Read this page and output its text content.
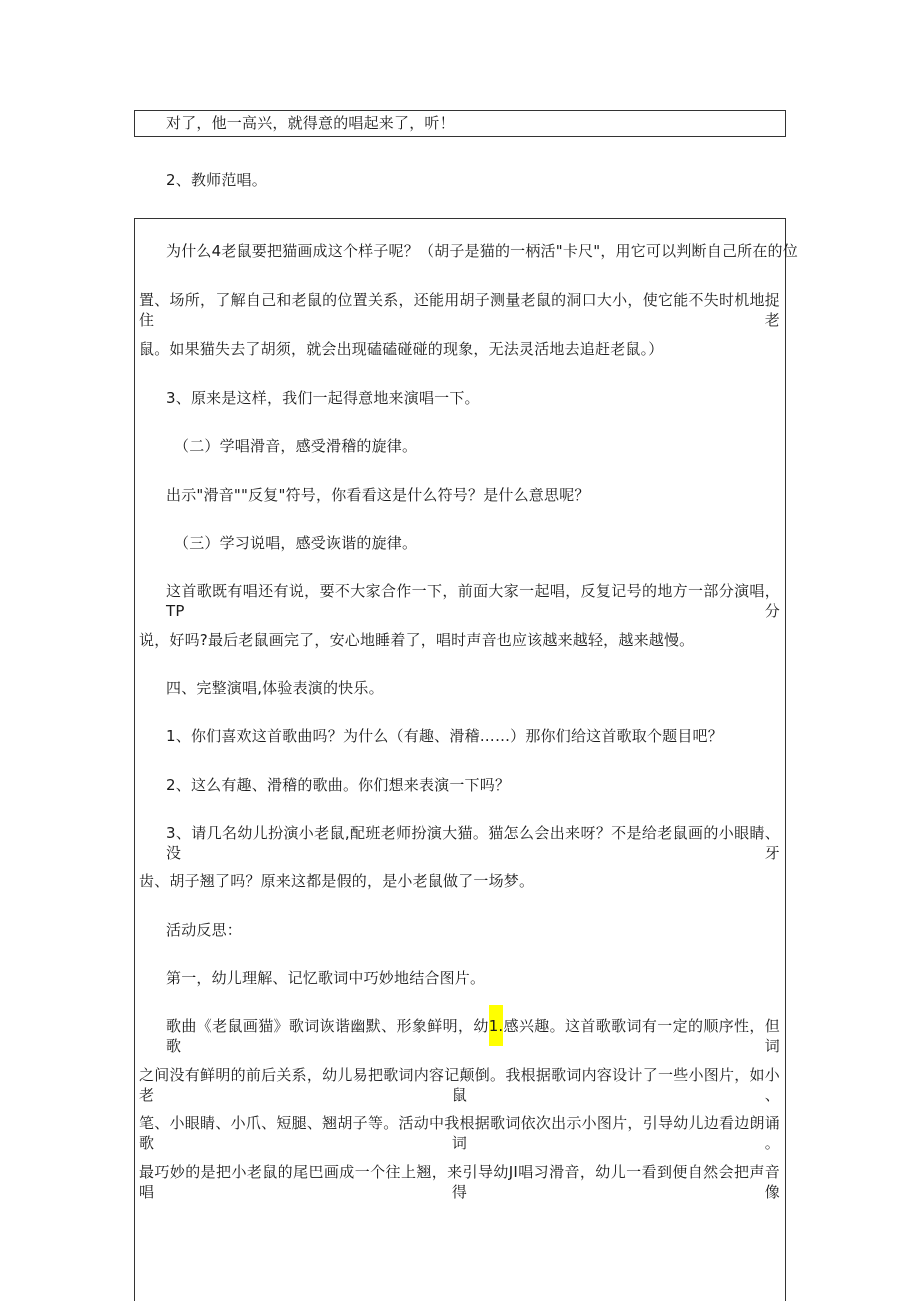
对了，他一高兴，就得意的唱起来了，听！
2、教师范唱。
为什么4老鼠要把猫画成这个样子呢？（胡子是猫的一柄活"卡尺"，用它可以判断自己所在的位
置、场所，了解自己和老鼠的位置关系，还能用胡子测量老鼠的洞口大小，使它能不失时机地捉住老
鼠。如果猫失去了胡须，就会出现磕磕碰碰的现象，无法灵活地去追赶老鼠。）
3、原来是这样，我们一起得意地来演唱一下。
（二）学唱滑音，感受滑稽的旋律。
出示"滑音""反复"符号，你看看这是什么符号？是什么意思呢？
（三）学习说唱，感受诙谐的旋律。
这首歌既有唱还有说，要不大家合作一下，前面大家一起唱，反复记号的地方一部分演唱，TP分
说，好吗?最后老鼠画完了，安心地睡着了，唱时声音也应该越来越轻，越来越慢。
四、完整演唱,体验表演的快乐。
1、你们喜欢这首歌曲吗？为什么（有趣、滑稽……）那你们给这首歌取个题目吧？
2、这么有趣、滑稽的歌曲。你们想来表演一下吗？
3、请几名幼儿扮演小老鼠,配班老师扮演大猫。猫怎么会出来呀？不是给老鼠画的小眼睛、没牙
齿、胡子翘了吗？原来这都是假的，是小老鼠做了一场梦。
活动反思：
第一，幼儿理解、记忆歌词中巧妙地结合图片。
歌曲《老鼠画猫》歌词诙谐幽默、形象鲜明，幼1.感兴趣。这首歌歌词有一定的顺序性，但歌词
之间没有鲜明的前后关系，幼儿易把歌词内容记颠倒。我根据歌词内容设计了一些小图片，如小老鼠、
笔、小眼睛、小爪、短腿、翘胡子等。活动中我根据歌词依次出示小图片，引导幼儿边看边朗诵歌词。
最巧妙的是把小老鼠的尾巴画成一个往上翘，来引导幼JI唱习滑音，幼儿一看到便自然会把声音唱得像
